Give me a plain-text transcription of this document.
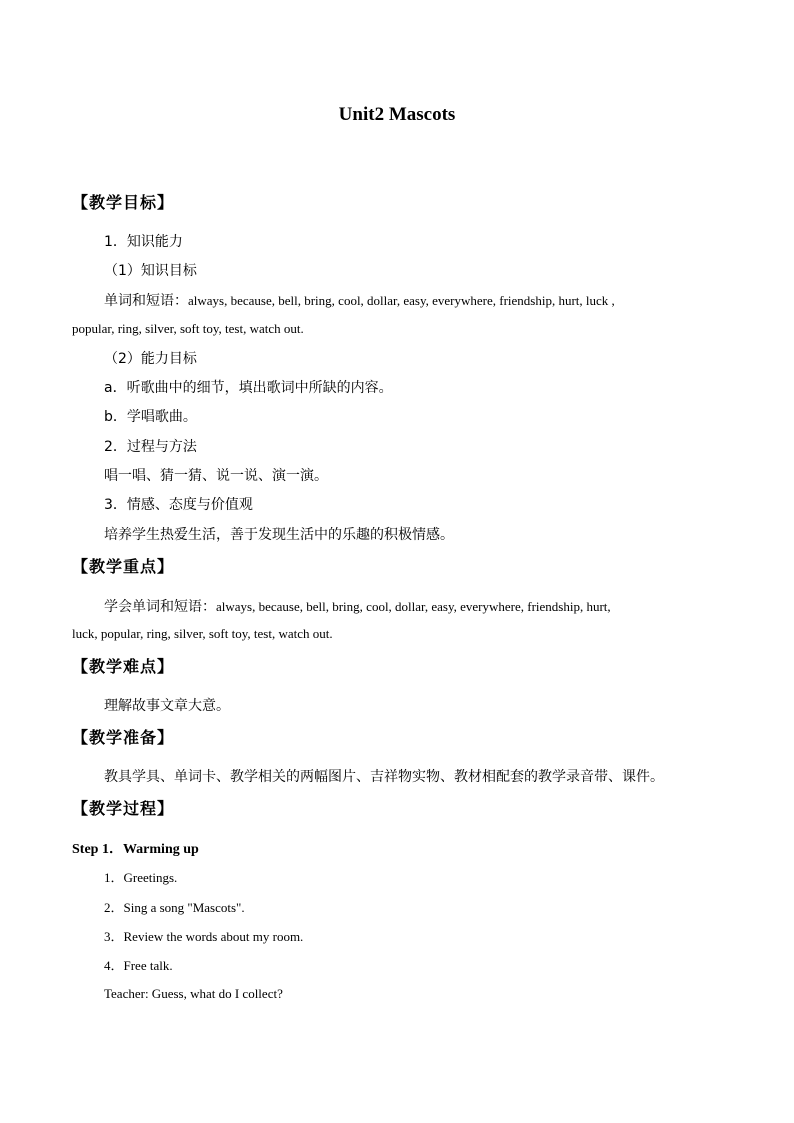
Unit2 Mascots
【教学目标】
1．知识能力
（1）知识目标
单词和短语：always, because, bell, bring, cool, dollar, easy, everywhere, friendship, hurt, luck ,
popular, ring, silver, soft toy, test, watch out.
（2）能力目标
a．听歌曲中的细节，填出歌词中所缺的内容。
b．学唱歌曲。
2．过程与方法
唱一唱、猜一猜、说一说、演一演。
3．情感、态度与价值观
培养学生热爱生活，善于发现生活中的乐趣的积极情感。
【教学重点】
学会单词和短语：always, because, bell, bring, cool, dollar, easy, everywhere, friendship, hurt,
luck, popular, ring, silver, soft toy, test, watch out.
【教学难点】
理解故事文章大意。
【教学准备】
教具学具、单词卡、教学相关的两幅图片、吉祥物实物、教材相配套的教学录音带、课件。
【教学过程】
Step 1．Warming up
1．Greetings.
2．Sing a song "Mascots".
3．Review the words about my room.
4．Free talk.
Teacher: Guess, what do I collect?
